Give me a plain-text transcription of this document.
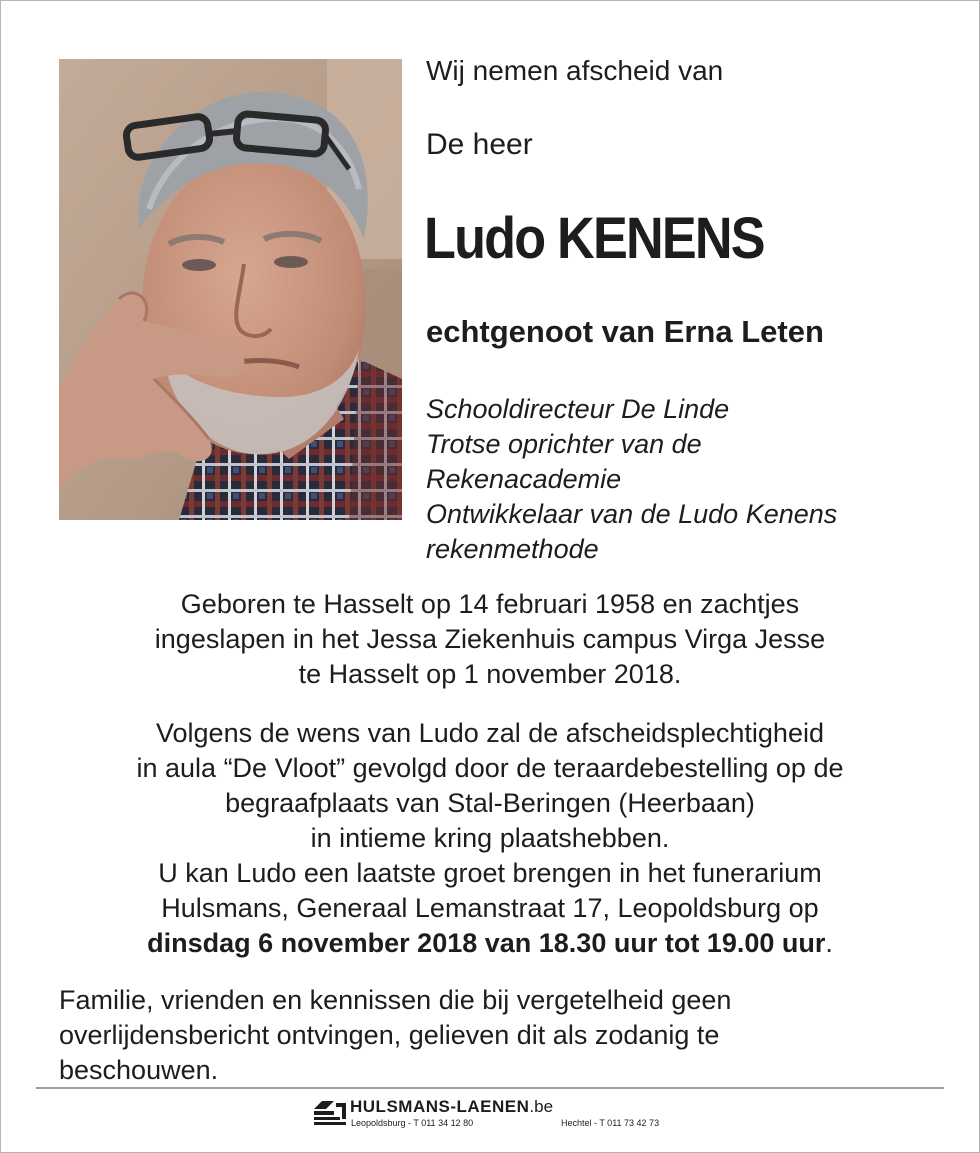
Wij nemen afscheid van

De heer

Ludo KENENS

echtgenoot van Erna Leten

Schooldirecteur De Linde
Trotse oprichter van de
Rekenacademie
Ontwikkelaar van de Ludo Kenens
rekenmethode

Geboren te Hasselt op 14 februari 1958 en zachtjes
ingeslapen in het Jessa Ziekenhuis campus Virga Jesse
te Hasselt op 1 november 2018.

Volgens de wens van Ludo zal de afscheidsplechtigheid
in aula “De Vloot” gevolgd door de teraardebestelling op de
begraafplaats van Stal-Beringen (Heerbaan)
in intieme kring plaatshebben.
U kan Ludo een laatste groet brengen in het funerarium
Hulsmans, Generaal Lemanstraat 17, Leopoldsburg op
dinsdag 6 november 2018 van 18.30 uur tot 19.00 uur.

Familie, vrienden en kennissen die bij vergetelheid geen
overlijdensbericht ontvingen, gelieven dit als zodanig te
beschouwen.

HULSMANS-LAENEN.be
Leopoldsburg - T 011 34 12 80	Hechtel - T 011 73 42 73
